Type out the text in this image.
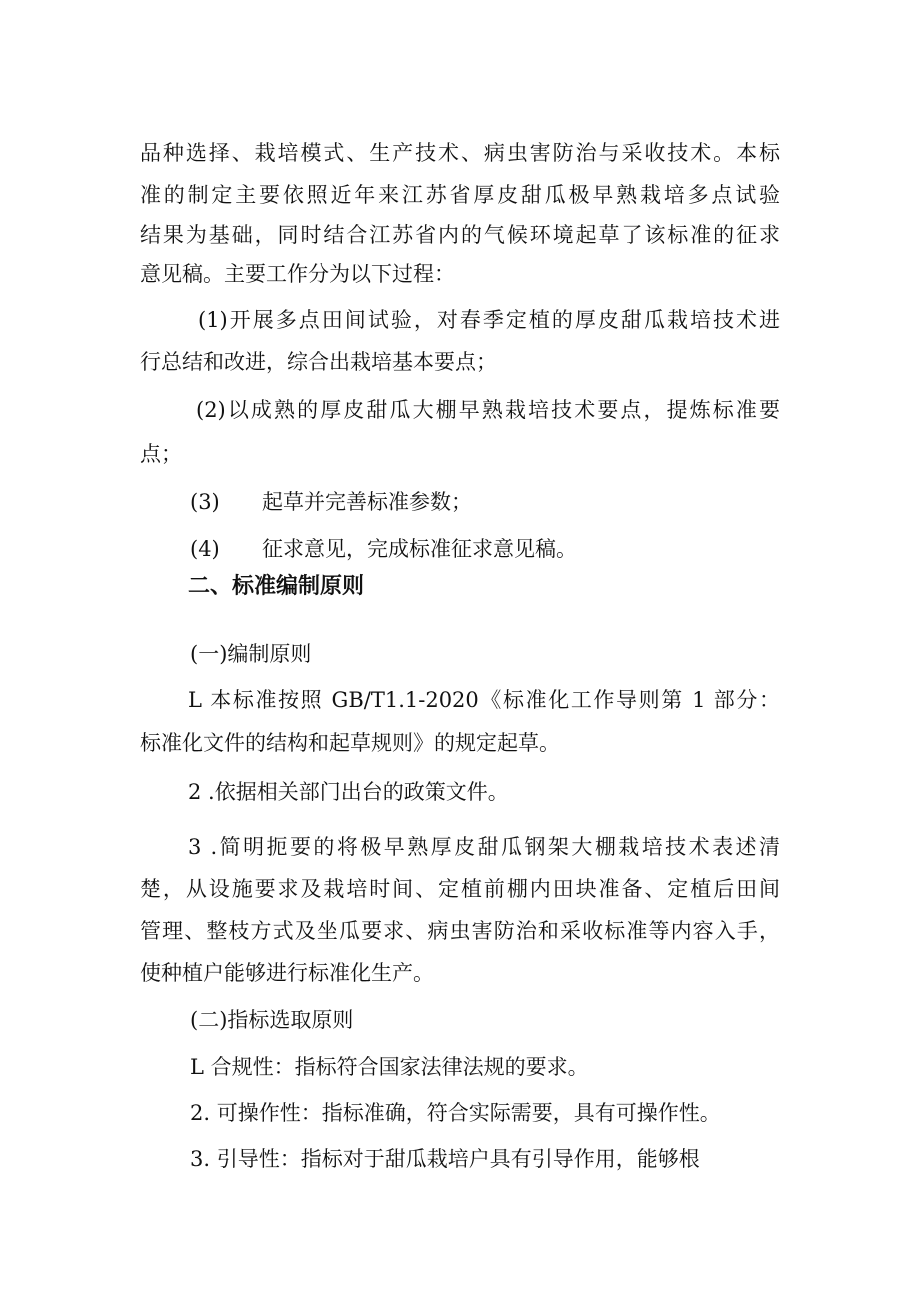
品种选择、栽培模式、生产技术、病虫害防治与采收技术。本标

准的制定主要依照近年来江苏省厚皮甜瓜极早熟栽培多点试验

结果为基础，同时结合江苏省内的气候环境起草了该标准的征求

意见稿。主要工作分为以下过程：

(1)开展多点田间试验，对春季定植的厚皮甜瓜栽培技术进

行总结和改进，综合出栽培基本要点；

(2)以成熟的厚皮甜瓜大棚早熟栽培技术要点，提炼标准要

点；

(3) 起草并完善标准参数；

(4) 征求意见，完成标准征求意见稿。

二、标准编制原则

(一)编制原则

L 本标准按照 GB/T1.1-2020《标准化工作导则第 1 部分：

标准化文件的结构和起草规则》的规定起草。

2 .依据相关部门出台的政策文件。

3 .简明扼要的将极早熟厚皮甜瓜钢架大棚栽培技术表述清

楚，从设施要求及栽培时间、定植前棚内田块准备、定植后田间

管理、整枝方式及坐瓜要求、病虫害防治和采收标准等内容入手，

使种植户能够进行标准化生产。

(二)指标选取原则

L 合规性：指标符合国家法律法规的要求。

2. 可操作性：指标准确，符合实际需要，具有可操作性。

3. 引导性：指标对于甜瓜栽培户具有引导作用，能够根
